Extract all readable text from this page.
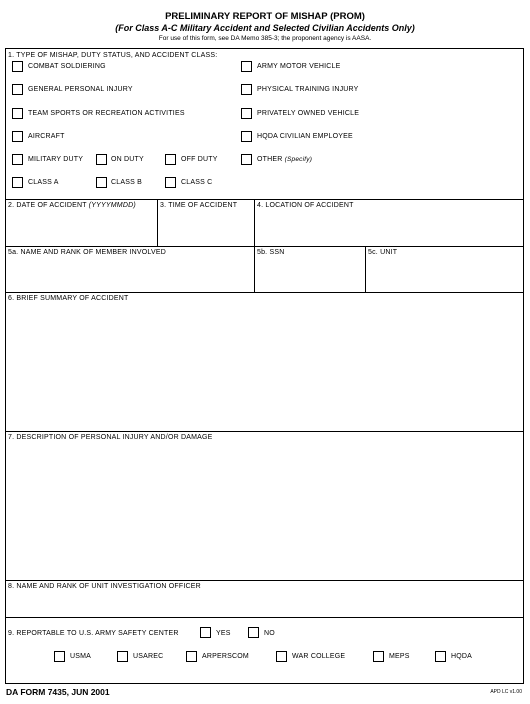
PRELIMINARY REPORT OF MISHAP (PROM)
(For Class A-C Military Accident and Selected Civilian Accidents Only)
For use of this form, see DA Memo 385-3; the proponent agency is AASA.
1. TYPE OF MISHAP, DUTY STATUS, AND ACCIDENT CLASS:
COMBAT SOLDIERING	ARMY MOTOR VEHICLE
GENERAL PERSONAL INJURY	PHYSICAL TRAINING INJURY
TEAM SPORTS OR RECREATION ACTIVITIES	PRIVATELY OWNED VEHICLE
AIRCRAFT	HQDA CIVILIAN EMPLOYEE
MILITARY DUTY	ON DUTY	OFF DUTY	OTHER (Specify)
CLASS A	CLASS B	CLASS C
2. DATE OF ACCIDENT (YYYYMMDD)	3. TIME OF ACCIDENT	4. LOCATION OF ACCIDENT
5a. NAME AND RANK OF MEMBER INVOLVED	5b. SSN	5c. UNIT
6. BRIEF SUMMARY OF ACCIDENT
7. DESCRIPTION OF PERSONAL INJURY AND/OR DAMAGE
8. NAME AND RANK OF UNIT INVESTIGATION OFFICER
9. REPORTABLE TO U.S. ARMY SAFETY CENTER	YES	NO
USMA	USAREC	ARPERSCOM	WAR COLLEGE	MEPS	HQDA
DA FORM 7435, JUN 2001	APD LC v1.00
